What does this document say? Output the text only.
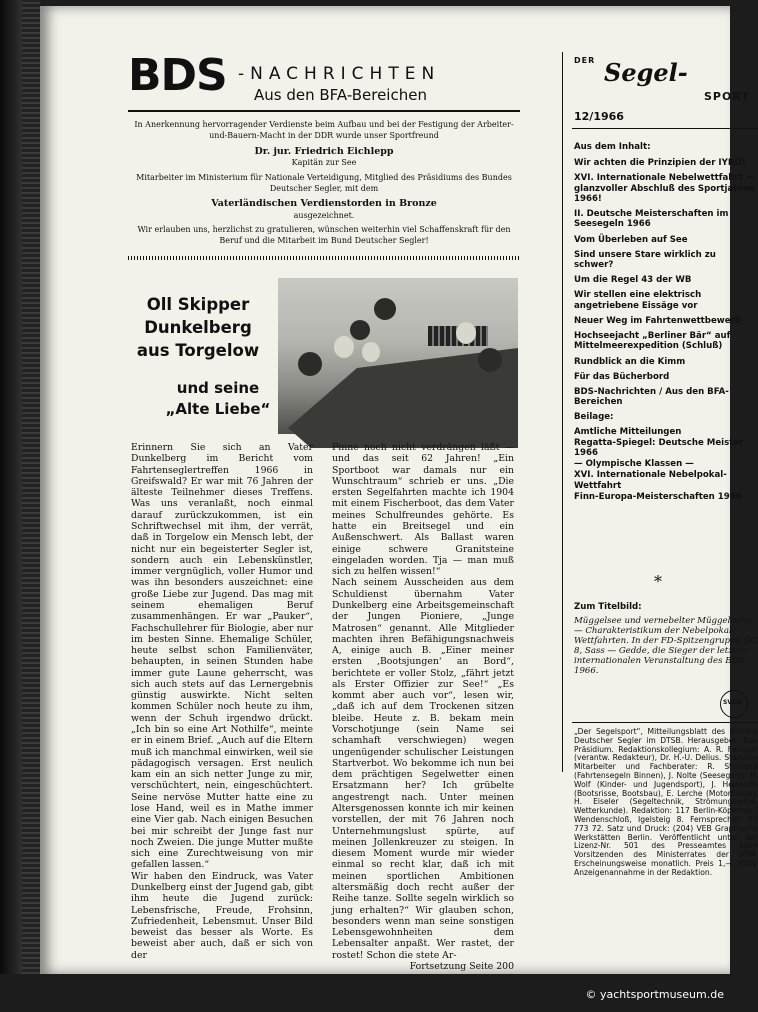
BDS -NACHRICHTEN
Aus den BFA-Bereichen

In Anerkennung hervorragender Verdienste beim Aufbau und bei der Festigung der Arbeiter-und-Bauern-Macht in der DDR wurde unser Sportfreund

Dr. jur. Friedrich Eichlepp

Kapitän zur See

Mitarbeiter im Ministerium für Nationale Verteidigung, Mitglied des Präsidiums des Bundes Deutscher Segler, mit dem

Vaterländischen Verdienstorden in Bronze

ausgezeichnet.

Wir erlauben uns, herzlichst zu gratulieren, wünschen weiterhin viel Schaffenskraft für den Beruf und die Mitarbeit im Bund Deutscher Segler!

Oll Skipper Dunkelberg aus Torgelow
und seine „Alte Liebe“

Erinnern Sie sich an Vater Dunkelberg im Bericht vom Fahrtenseglertreffen 1966 in Greifswald? Er war mit 76 Jahren der älteste Teilnehmer dieses Treffens. Was uns veranlaßt, noch einmal darauf zurückzukommen, ist ein Schriftwechsel mit ihm, der verrät, daß in Torgelow ein Mensch lebt, der nicht nur ein begeisterter Segler ist, sondern auch ein Lebenskünstler, immer vergnüglich, voller Humor und was ihn besonders auszeichnet: eine große Liebe zur Jugend. Das mag mit seinem ehemaligen Beruf zusammenhängen. Er war „Pauker“, Fachschullehrer für Biologie, aber nur im besten Sinne. Ehemalige Schüler, heute selbst schon Familienväter, behaupten, in seinen Stunden habe immer gute Laune geherrscht, was sich auch stets auf das Lernergebnis günstig auswirkte. Nicht selten kommen Schüler noch heute zu ihm, wenn der Schuh irgendwo drückt. „Ich bin so eine Art Nothilfe“, meinte er in einem Brief. „Auch auf die Eltern muß ich manchmal einwirken, weil sie pädagogisch versagen. Erst neulich kam ein an sich netter Junge zu mir, verschüchtert, nein, eingeschüchtert. Seine nervöse Mutter hatte eine zu lose Hand, weil es in Mathe immer eine Vier gab. Nach einigen Besuchen bei mir schreibt der Junge fast nur noch Zweien. Die junge Mutter mußte sich eine Zurechtweisung von mir gefallen lassen.“

Wir haben den Eindruck, was Vater Dunkelberg einst der Jugend gab, gibt ihm heute die Jugend zurück: Lebensfrische, Freude, Frohsinn, Zufriedenheit, Lebensmut. Unser Bild beweist das besser als Worte. Es beweist aber auch, daß er sich von der

Pinne noch nicht verdrängen läßt — und das seit 62 Jahren! „Ein Sportboot war damals nur ein Wunschtraum“ schrieb er uns. „Die ersten Segelfahrten machte ich 1904 mit einem Fischerboot, das dem Vater meines Schulfreundes gehörte. Es hatte ein Breitsegel und ein Außenschwert. Als Ballast waren einige schwere Granitsteine eingeladen worden. Tja — man muß sich zu helfen wissen!“

Nach seinem Ausscheiden aus dem Schuldienst übernahm Vater Dunkelberg eine Arbeitsgemeinschaft der Jungen Pioniere, „Junge Matrosen“ genannt. Alle Mitglieder machten ihren Befähigungsnachweis A, einige auch B. „Einer meiner ersten ‚Bootsjungen‘ an Bord“, berichtete er voller Stolz, „fährt jetzt als Erster Offizier zur See!“ „Es kommt aber auch vor“, lesen wir, „daß ich auf dem Trockenen sitzen bleibe. Heute z. B. bekam mein Vorschotjunge (sein Name sei schamhaft verschwiegen) wegen ungenügender schulischer Leistungen Startverbot. Wo bekomme ich nun bei dem prächtigen Segelwetter einen Ersatzmann her? Ich grübelte angestrengt nach. Unter meinen Altersgenossen konnte ich mir keinen vorstellen, der mit 76 Jahren noch Unternehmungslust spürte, auf meinen Jollenkreuzer zu steigen. In diesem Moment wurde mir wieder einmal so recht klar, daß ich mit meinen sportlichen Ambitionen altersmäßig doch recht außer der Reihe tanze. Sollte segeln wirklich so jung erhalten?“ Wir glauben schon, besonders wenn man seine sonstigen Lebensgewohnheiten dem Lebensalter anpaßt. Wer rastet, der rostet! Schon die stete Ar-

Fortsetzung Seite 200

DER Segel-
SPORT
12/1966
Aus dem Inhalt:
Wir achten die Prinzipien der IYRU!
XVI. Internationale Nebelwettfahrt — glanzvoller Abschluß des Sportjahres 1966!
II. Deutsche Meisterschaften im Seesegeln 1966
Vom Überleben auf See
Sind unsere Stare wirklich zu schwer?
Um die Regel 43 der WB
Wir stellen eine elektrisch angetriebene Eissäge vor
Neuer Weg im Fahrtenwettbewerb
Hochseejacht „Berliner Bär“ auf Mittelmeerexpedition (Schluß)
Rundblick an die Kimm
Für das Bücherbord
BDS-Nachrichten / Aus den BFA-Bereichen
Beilage:
Amtliche Mitteilungen
Regatta-Spiegel: Deutsche Meister 1966
— Olympische Klassen —
XVI. Internationale Nebelpokal-Wettfahrt
Finn-Europa-Meisterschaften 1966
*
Zum Titelbild:
Müggelsee und vernebelter Müggelturm — Charakteristikum der Nebelpokal-Wettfahrten. In der FD-Spitzengruppe GO 8, Sass — Gedde, die Sieger der letzten internationalen Veranstaltung des BDS 1966.
SVZH
„Der Segelsport“, Mitteilungsblatt des Bundes Deutscher Segler im DTSB. Herausgeber: Das Präsidium. Redaktionskollegium: A. R. Fechner (verantw. Redakteur), Dr. H.-U. Delius. Ständige Mitarbeiter und Fachberater: R. Storbeck (Fahrtensegeln Binnen), J. Nolte (Seesegeln), B. Wolf (Kinder- und Jugendsport), J. Heinrichs (Bootsrisse, Bootsbau), E. Lerche (Motorboote), H. Eiseler (Segeltechnik, Strömungslehre, Wetterkunde). Redaktion: 117 Berlin-Köpenick / Wendenschloß, Igelsteig 8. Fernsprecher: 67 773 72. Satz und Druck: (204) VEB Graphische Werkstätten Berlin. Veröffentlicht unter der Lizenz-Nr. 501 des Presseamtes beim Vorsitzenden des Ministerrates der DDR. Erscheinungsweise monatlich. Preis 1,— MDN. Anzeigenannahme in der Redaktion.
© yachtsportmuseum.de
